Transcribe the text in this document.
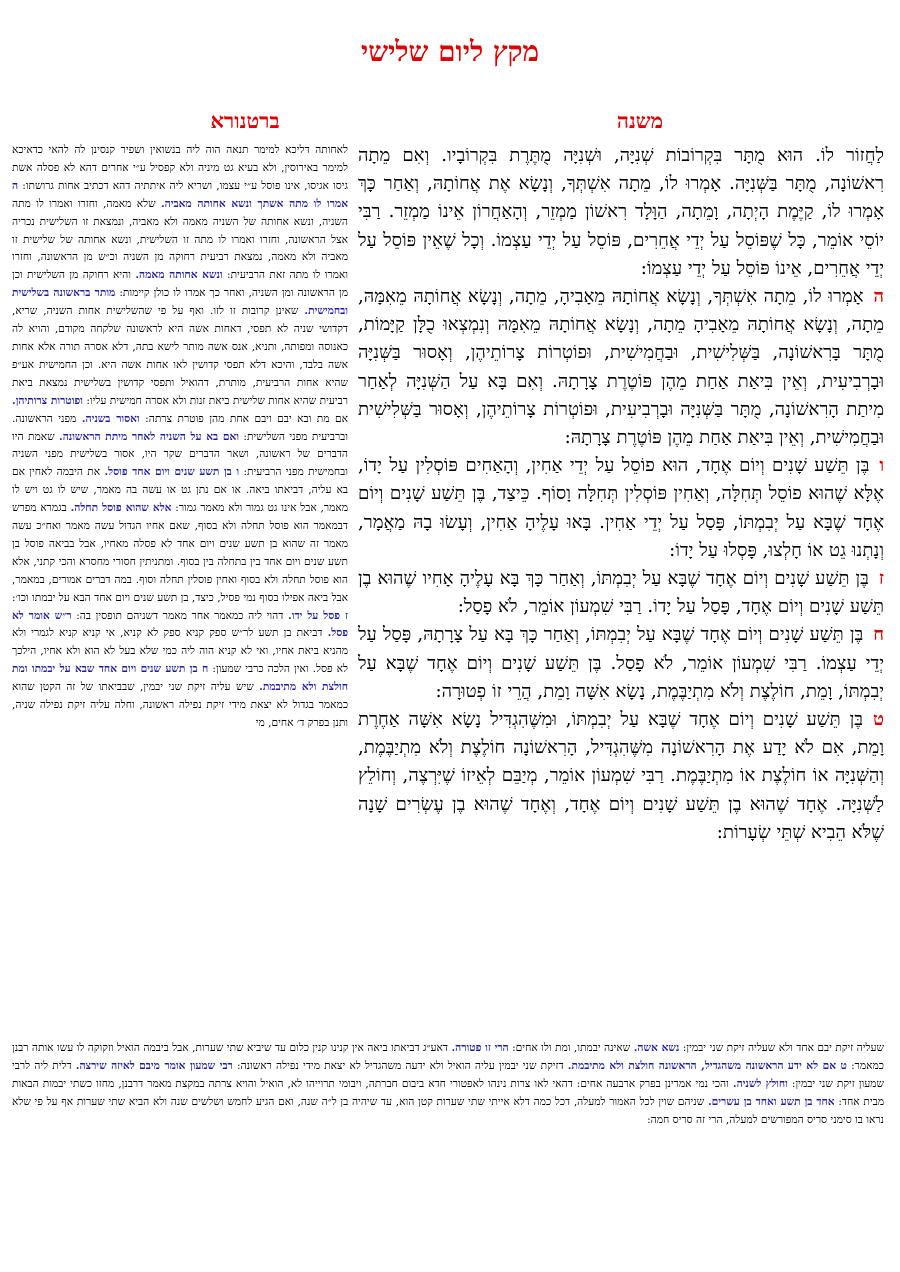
מקץ ליום שלישי
משנה
ברטנורא

לַחֲזוֹר לוֹ. הוּא מֻתָּר בִּקְרוֹבוֹת שְׁנִיָּה, וּשְׁנִיָּה מֻתֶּרֶת בִּקְרוֹבָיו. וְאִם מֵתָה רִאשׁוֹנָה, מֻתָּר בַּשְּׁנִיָּה. אָמְרוּ לוֹ, מֵתָה אִשְׁתְּךָ, וְנָשָׂא אֶת אֲחוֹתָהּ, וְאַחַר כָּךְ אָמְרוּ לוֹ, קַיֶּמֶת הָיְתָה, וָמֵתָה, הַוָּלָד רִאשׁוֹן מַמְזֵר, וְהָאַחֲרוֹן אֵינוֹ מַמְזֵר. רַבִּי יוֹסֵי אוֹמֵר, כָּל שֶׁפּוֹסֵל עַל יְדֵי אֲחֵרִים, פּוֹסֵל עַל יְדֵי עַצְמוֹ. וְכָל שֶׁאֵין פּוֹסֵל עַל יְדֵי אֲחֵרִים, אֵינוֹ פּוֹסֵל עַל יְדֵי עַצְמוֹ:

האָמְרוּ לוֹ, מֵתָה אִשְׁתְּךָ, וְנָשָׂא אֲחוֹתָהּ מֵאָבִיהָ, מֵתָה, וְנָשָׂא אֲחוֹתָהּ מֵאִמָּהּ, מֵתָה, וְנָשָׂא אֲחוֹתָהּ מֵאָבִיהָ מֵתָה, וְנָשָׂא אֲחוֹתָהּ מֵאִמָּהּ וְנִמְצְאוּ כֻלָּן קַיָּמוֹת, מֻתָּר בָּרִאשׁוֹנָה, בַּשְּׁלִישִׁית, וּבַחֲמִישִׁית, וּפוֹטְרוֹת צָרוֹתֵיהֶן, וְאָסוּר בַּשְּׁנִיָּה וּבָרְבִיעִית, וְאֵין בִּיאַת אַחַת מֵהֶן פּוֹטֶרֶת צָרָתָהּ. וְאִם בָּא עַל הַשְּׁנִיָּה לְאַחַר מִיתַת הָרִאשׁוֹנָה, מֻתָּר בַּשְּׁנִיָּה וּבָרְבִיעִית, וּפוֹטְרוֹת צָרוֹתֵיהֶן, וְאָסוּר בַּשְּׁלִישִׁית וּבַחֲמִישִׁית, וְאֵין בִּיאַת אַחַת מֵהֶן פּוֹטֶרֶת צָרָתָהּ:

ובֶּן תֵּשַׁע שָׁנִים וְיוֹם אֶחָד, הוּא פוֹסֵל עַל יְדֵי אַחִין, וְהָאַחִים פּוֹסְלִין עַל יָדוֹ, אֶלָּא שֶׁהוּא פוֹסֵל תְּחִלָּה, וְאַחִין פּוֹסְלִין תְּחִלָּה וָסוֹף. כֵּיצַד, בֶּן תֵּשַׁע שָׁנִים וְיוֹם אֶחָד שֶׁבָּא עַל יְבִמְתּוֹ, פָּסַל עַל יְדֵי אַחִין. בָּאוּ עָלֶיהָ אַחִין, וְעָשׂוּ בָהּ מַאֲמָר, וְנָתְנוּ גֵט אוֹ חָלְצוּ, פָּסְלוּ עַל יָדוֹ:

זבֶּן תֵּשַׁע שָׁנִים וְיוֹם אֶחָד שֶׁבָּא עַל יְבִמְתּוֹ, וְאַחַר כָּךְ בָּא עָלֶיהָ אָחִיו שֶׁהוּא בֶן תֵּשַׁע שָׁנִים וְיוֹם אֶחָד, פָּסַל עַל יָדוֹ. רַבִּי שִׁמְעוֹן אוֹמֵר, לֹא פָסַל:

חבֶּן תֵּשַׁע שָׁנִים וְיוֹם אֶחָד שֶׁבָּא עַל יְבִמְתּוֹ, וְאַחַר כָּךְ בָּא עַל צָרָתָהּ, פָּסַל עַל יְדֵי עַצְמוֹ. רַבִּי שִׁמְעוֹן אוֹמֵר, לֹא פָסַל. בֶּן תֵּשַׁע שָׁנִים וְיוֹם אֶחָד שֶׁבָּא עַל יְבִמְתּוֹ, וָמֵת, חוֹלֶצֶת וְלֹא מִתְיַבֶּמֶת, נָשָׂא אִשָּׁה וָמֵת, הֲרֵי זוֹ פְטוּרָה:

טבֶּן תֵּשַׁע שָׁנִים וְיוֹם אֶחָד שֶׁבָּא עַל יְבִמְתּוֹ, וּמִשֶּׁהִגְדִּיל נָשָׂא אִשָּׁה אַחֶרֶת וָמֵת, אִם לֹא יָדַע אֶת הָרִאשׁוֹנָה מִשֶּׁהִגְדִּיל, הָרִאשׁוֹנָה חוֹלֶצֶת וְלֹא מִתְיַבֶּמֶת, וְהַשְּׁנִיָּה אוֹ חוֹלֶצֶת אוֹ מִתְיַבֶּמֶת. רַבִּי שִׁמְעוֹן אוֹמֵר, מְיַבֵּם לְאֵיזוֹ שֶׁיִּרְצֶה, וְחוֹלֵץ לַשְּׁנִיָּה. אֶחָד שֶׁהוּא בֶן תֵּשַׁע שָׁנִים וְיוֹם אֶחָד, וְאֶחָד שֶׁהוּא בֶן עֶשְׂרִים שָׁנָה שֶׁלֹּא הֵבִיא שְׁתֵּי שְׂעָרוֹת:

לאחותה דליכא למימר תנאה הוה ליה בנשואין ושפיר קנסינן לה להאי כדאיכא למימר באירוסין, ולא בעיא גט מיניה ולא קפסיל ע״י אחרים דהא לא פסלה אשת גיסו אגיסו, אינו פוסל ע״י עצמו, ושריא ליה איתתיה דהא דכתיב אחות גרושתו: ה אמרו לו מתה אשתך ונשא אחותה מאביה. שלא מאמה, וחזרו ואמרו לו מתה השניה, ונשא אחותה של השניה מאמה ולא מאביה, ונמצאת זו השלישית נכריה אצל הראשונה, וחזרו ואמרו לו מתה זו השלישית, ונשא אחותה של שלישית זו מאביה ולא מאמה, נמצאת רביעית רחוקה מן השניה וכ״ש מן הראשונה, וחזרו ואמרו לו מתה זאת הרביעית: ונשא אחותה מאמה. והיא רחוקה מן השלישית וכן מן הראשונה ומן השניה, ואחר כך אמרו לו כולן קיימות: מותר בראשונה בשלישית ובחמישית. שאינן קרובות זו לזו. ואף על פי שהשלישית אחות השניה, שריא, דקדושי שניה לא תפסי, דאחות אשה היא לראשונה שלקחה מקודם, והויא לה כאנוסה ומפותה, ותניא, אנס אשה מותר לישא בתה, דלא אסרה תורה אלא אחות אשה בלבד, והיכא דלא תפסי קדושין לאו אחות אשה היא. וכן החמישית אע״פ שהיא אחות הרביעית, מותרת, דהואיל ותפסי קדושין בשלישית נמצאת ביאת רביעית שהיא אחות שלישית ביאת זנות ולא אסרה חמישית עליו: ופוטרות צרותיהן. אם מת ובא יבם ויבם אחת מהן פוטרת צרתה: ואסור בשניה. מפני הראשונה. וברביעית מפני השלישית: ואם בא על השניה לאחר מיתת הראשונה. שאמת היו הדברים של ראשונה, ושאר הדברים שקר היו, אסור בשלישית מפני השניה ובחמישית מפני הרביעית: ו בן תשע שנים ויום אחד פוסל. את היבמה לאחין אם בא עליה, דביאתו ביאה. או אם נתן גט או עשה בה מאמר, שיש לו גט ויש לו מאמר, אבל אינו גט גמור ולא מאמר גמור: אלא שהוא פוסל תחלה. בגמרא מפרש דבמאמר הוא פוסל תחלה ולא בסוף, שאם אחיו הגדול עשה מאמר ואח״כ עשה מאמר זה שהוא בן תשע שנים ויום אחד לא פסלה מאחיו, אבל בביאה פוסל בן תשע שנים ויום אחד בין בתחלה בין בסוף. ומתניתין חסורי מחסרא והכי קתני, אלא הוא פוסל תחלה ולא בסוף ואחין פוסלין תחלה וסוף. במה דברים אמורים, במאמר, אבל ביאה אפילו בסוף נמי פסיל, כיצד, בן תשע שנים ויום אחד הבא על יבמתו וכו׳: ז פסל על ידו. דהוי ליה כמאמר אחר מאמר דשניהם תופסין בה: ר״ש אומר לא פסל. דביאת בן תשע לר״ש ספק קניא ספק לא קניא, אי קניא קניא לגמרי ולא מהניא ביאת אחיו, ואי לא קניא הוה ליה כמי שלא בעל לא הוא ולא אחיו, הילכך לא פסל. ואין הלכה כרבי שמעון: ח בן תשע שנים ויום אחד שבא על יבמתו ומת חולצת ולא מתיבמת. שיש עליה זיקת שני יבמין, שבביאתו של זה הקטן שהוא כמאמר בגדול לא יצאת מידי זיקת נפילה ראשונה, וחלה עליה זיקת נפילה שניה, ותנן בפרק ד׳ אחים, מי
שעליה זיקת יבם אחד ולא שעליה זיקת שני יבמין: נשא אשה. שאינה יבמתו, ומת ולו אחים: הרי זו פטורה. דאע״ג דביאתו ביאה אין קנינו קנין כלום עד שיביא שתי שערות, אבל ביבמה הואיל וזקוקה לו עשו אותה רבנן כמאמר: ט אם לא ידע הראשונה משהגדיל, הראשונה חולצת ולא מתיבמת. דזיקת שני יבמין עליה הואיל ולא ידעה משהגדיל לא יצאת מידי נפילה ראשונה: רבי שמעון אומר מיבם לאיזה שירצה. דלית ליה לרבי שמעון זיקת שני יבמין: וחולץ לשניה. והכי נמי אמרינן בפרק ארבעה אחים: דהאי לאו צרות נינהו לאפטורי חדא ביבום חברתה, ויבומי תרוייהו לא, הואיל והויא צרתה במקצת מאמר דרבנן, מחזו כשתי יבמות הבאות מבית אחד: אחד בן תשע ואחד בן עשרים. שניהם שוין לכל האמור למעלה, דכל כמה דלא אייתי שתי שערות קטן הוא, עד שיהיה בן ל״ה שנה, ואם הגיע לחמש ושלשים שנה ולא הביא שתי שערות אף על פי שלא נראו בו סימני סריס המפורשים למעלה, הרי זה סריס חמה:
